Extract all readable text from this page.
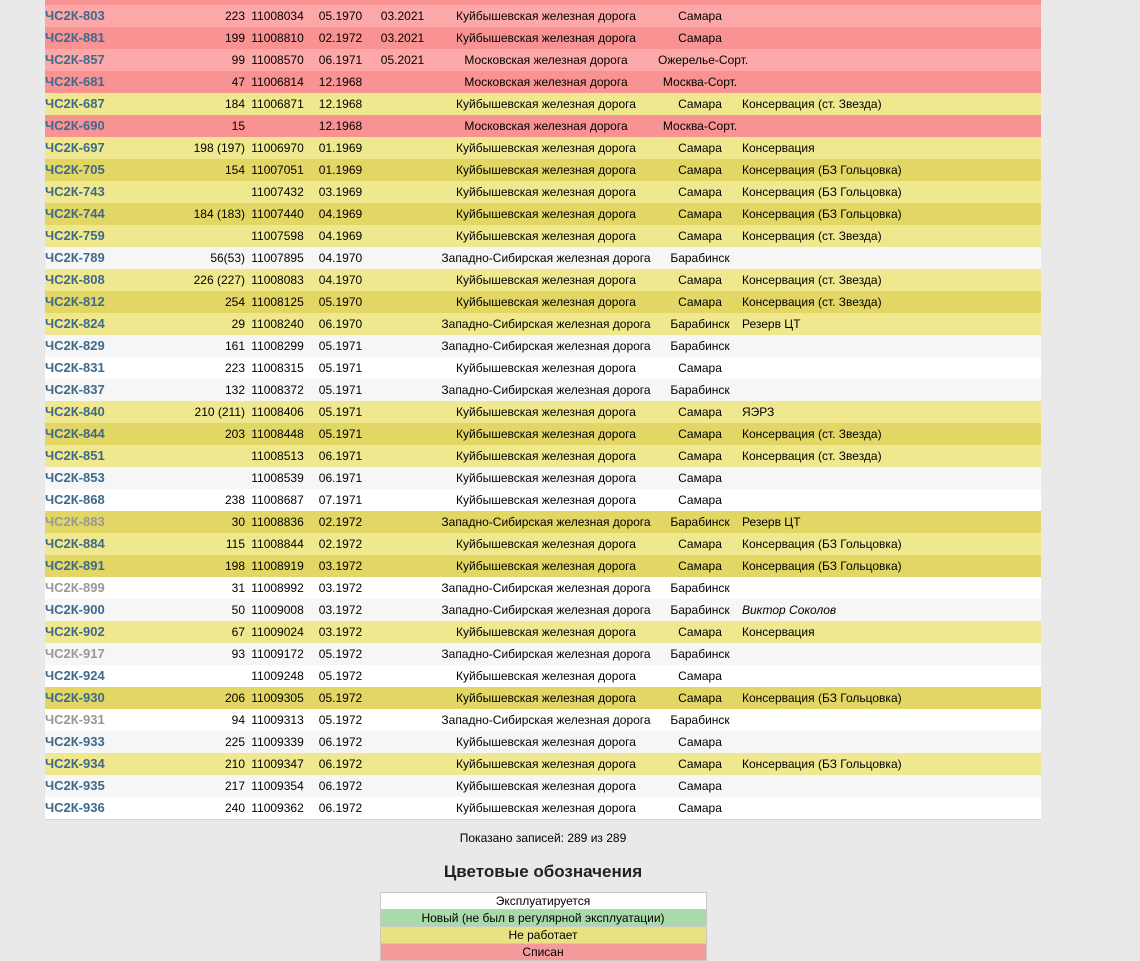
ЧС2К-803	223	11008034	05.1970	03.2021	Куйбышевская железная дорога	Самара	
ЧС2К-881	199	11008810	02.1972	03.2021	Куйбышевская железная дорога	Самара	
ЧС2К-857	99	11008570	06.1971	05.2021	Московская железная дорога	Ожерелье-Сорт.	
ЧС2К-681	47	11006814	12.1968		Московская железная дорога	Москва-Сорт.	
ЧС2К-687	184	11006871	12.1968		Куйбышевская железная дорога	Самара	Консервация (ст. Звезда)
ЧС2К-690	15		12.1968		Московская железная дорога	Москва-Сорт.	
ЧС2К-697	198 (197)	11006970	01.1969		Куйбышевская железная дорога	Самара	Консервация
ЧС2К-705	154	11007051	01.1969		Куйбышевская железная дорога	Самара	Консервация (БЗ Гольцовка)
ЧС2К-743		11007432	03.1969		Куйбышевская железная дорога	Самара	Консервация (БЗ Гольцовка)
ЧС2К-744	184 (183)	11007440	04.1969		Куйбышевская железная дорога	Самара	Консервация (БЗ Гольцовка)
ЧС2К-759		11007598	04.1969		Куйбышевская железная дорога	Самара	Консервация (ст. Звезда)
ЧС2К-789	56(53)	11007895	04.1970		Западно-Сибирская железная дорога	Барабинск	
ЧС2К-808	226 (227)	11008083	04.1970		Куйбышевская железная дорога	Самара	Консервация (ст. Звезда)
ЧС2К-812	254	11008125	05.1970		Куйбышевская железная дорога	Самара	Консервация (ст. Звезда)
ЧС2К-824	29	11008240	06.1970		Западно-Сибирская железная дорога	Барабинск	Резерв ЦТ
ЧС2К-829	161	11008299	05.1971		Западно-Сибирская железная дорога	Барабинск	
ЧС2К-831	223	11008315	05.1971		Куйбышевская железная дорога	Самара	
ЧС2К-837	132	11008372	05.1971		Западно-Сибирская железная дорога	Барабинск	
ЧС2К-840	210 (211)	11008406	05.1971		Куйбышевская железная дорога	Самара	ЯЭРЗ
ЧС2К-844	203	11008448	05.1971		Куйбышевская железная дорога	Самара	Консервация (ст. Звезда)
ЧС2К-851		11008513	06.1971		Куйбышевская железная дорога	Самара	Консервация (ст. Звезда)
ЧС2К-853		11008539	06.1971		Куйбышевская железная дорога	Самара	
ЧС2К-868	238	11008687	07.1971		Куйбышевская железная дорога	Самара	
ЧС2К-883	30	11008836	02.1972		Западно-Сибирская железная дорога	Барабинск	Резерв ЦТ
ЧС2К-884	115	11008844	02.1972		Куйбышевская железная дорога	Самара	Консервация (БЗ Гольцовка)
ЧС2К-891	198	11008919	03.1972		Куйбышевская железная дорога	Самара	Консервация (БЗ Гольцовка)
ЧС2К-899	31	11008992	03.1972		Западно-Сибирская железная дорога	Барабинск	
ЧС2К-900	50	11009008	03.1972		Западно-Сибирская железная дорога	Барабинск	Виктор Соколов
ЧС2К-902	67	11009024	03.1972		Куйбышевская железная дорога	Самара	Консервация
ЧС2К-917	93	11009172	05.1972		Западно-Сибирская железная дорога	Барабинск	
ЧС2К-924		11009248	05.1972		Куйбышевская железная дорога	Самара	
ЧС2К-930	206	11009305	05.1972		Куйбышевская железная дорога	Самара	Консервация (БЗ Гольцовка)
ЧС2К-931	94	11009313	05.1972		Западно-Сибирская железная дорога	Барабинск	
ЧС2К-933	225	11009339	06.1972		Куйбышевская железная дорога	Самара	
ЧС2К-934	210	11009347	06.1972		Куйбышевская железная дорога	Самара	Консервация (БЗ Гольцовка)
ЧС2К-935	217	11009354	06.1972		Куйбышевская железная дорога	Самара	
ЧС2К-936	240	11009362	06.1972		Куйбышевская железная дорога	Самара	
Показано записей: 289 из 289
Цветовые обозначения
Эксплуатируется
Новый (не был в регулярной эксплуатации)
Не работает
Списан
